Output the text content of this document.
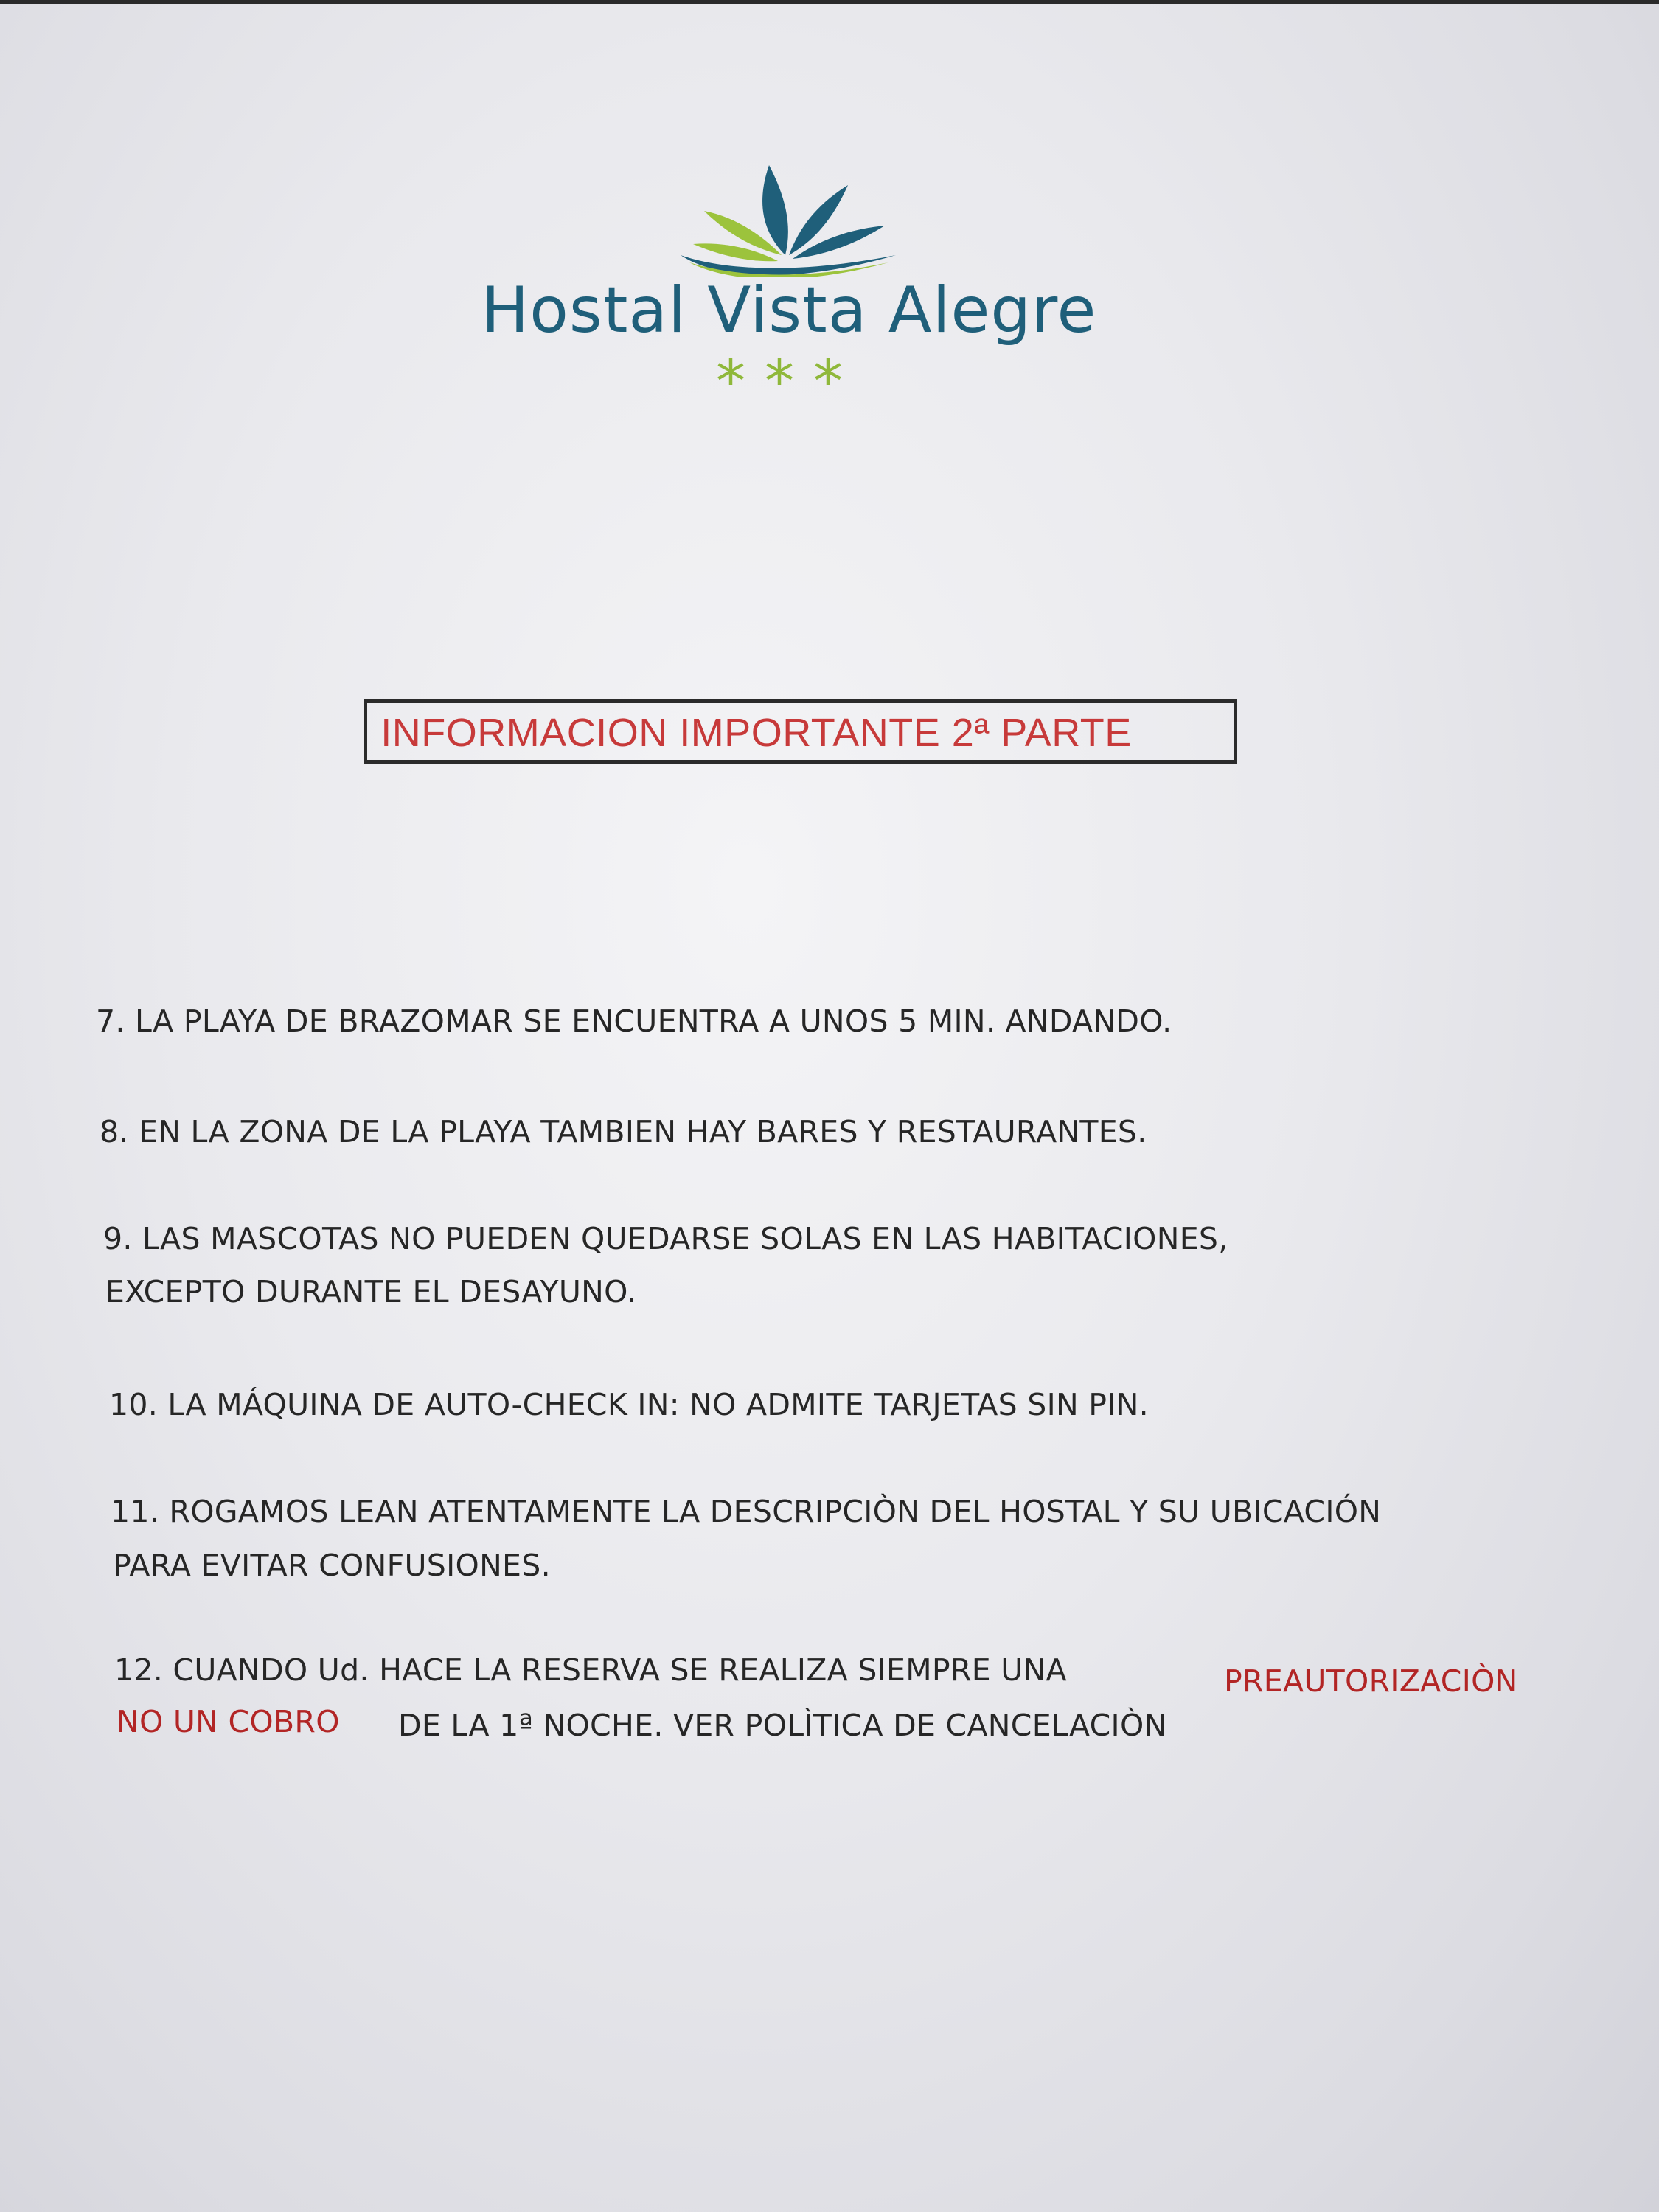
Hostal Vista Alegre
***
INFORMACION IMPORTANTE 2ª PARTE
7. LA PLAYA DE BRAZOMAR SE ENCUENTRA A UNOS 5 MIN. ANDANDO.
8. EN LA ZONA DE LA PLAYA TAMBIEN HAY BARES Y RESTAURANTES.
9. LAS MASCOTAS NO PUEDEN QUEDARSE SOLAS EN LAS HABITACIONES,
EXCEPTO DURANTE EL DESAYUNO.
10. LA MÁQUINA DE AUTO-CHECK IN: NO ADMITE TARJETAS SIN PIN.
11. ROGAMOS LEAN ATENTAMENTE LA DESCRIPCIÒN DEL HOSTAL Y SU UBICACIÓN
PARA EVITAR CONFUSIONES.
12. CUANDO Ud. HACE LA RESERVA SE REALIZA SIEMPRE UNA	PREAUTORIZACIÒN
NO UN COBRO DE LA 1ª NOCHE. VER POLÌTICA DE CANCELACIÒN
